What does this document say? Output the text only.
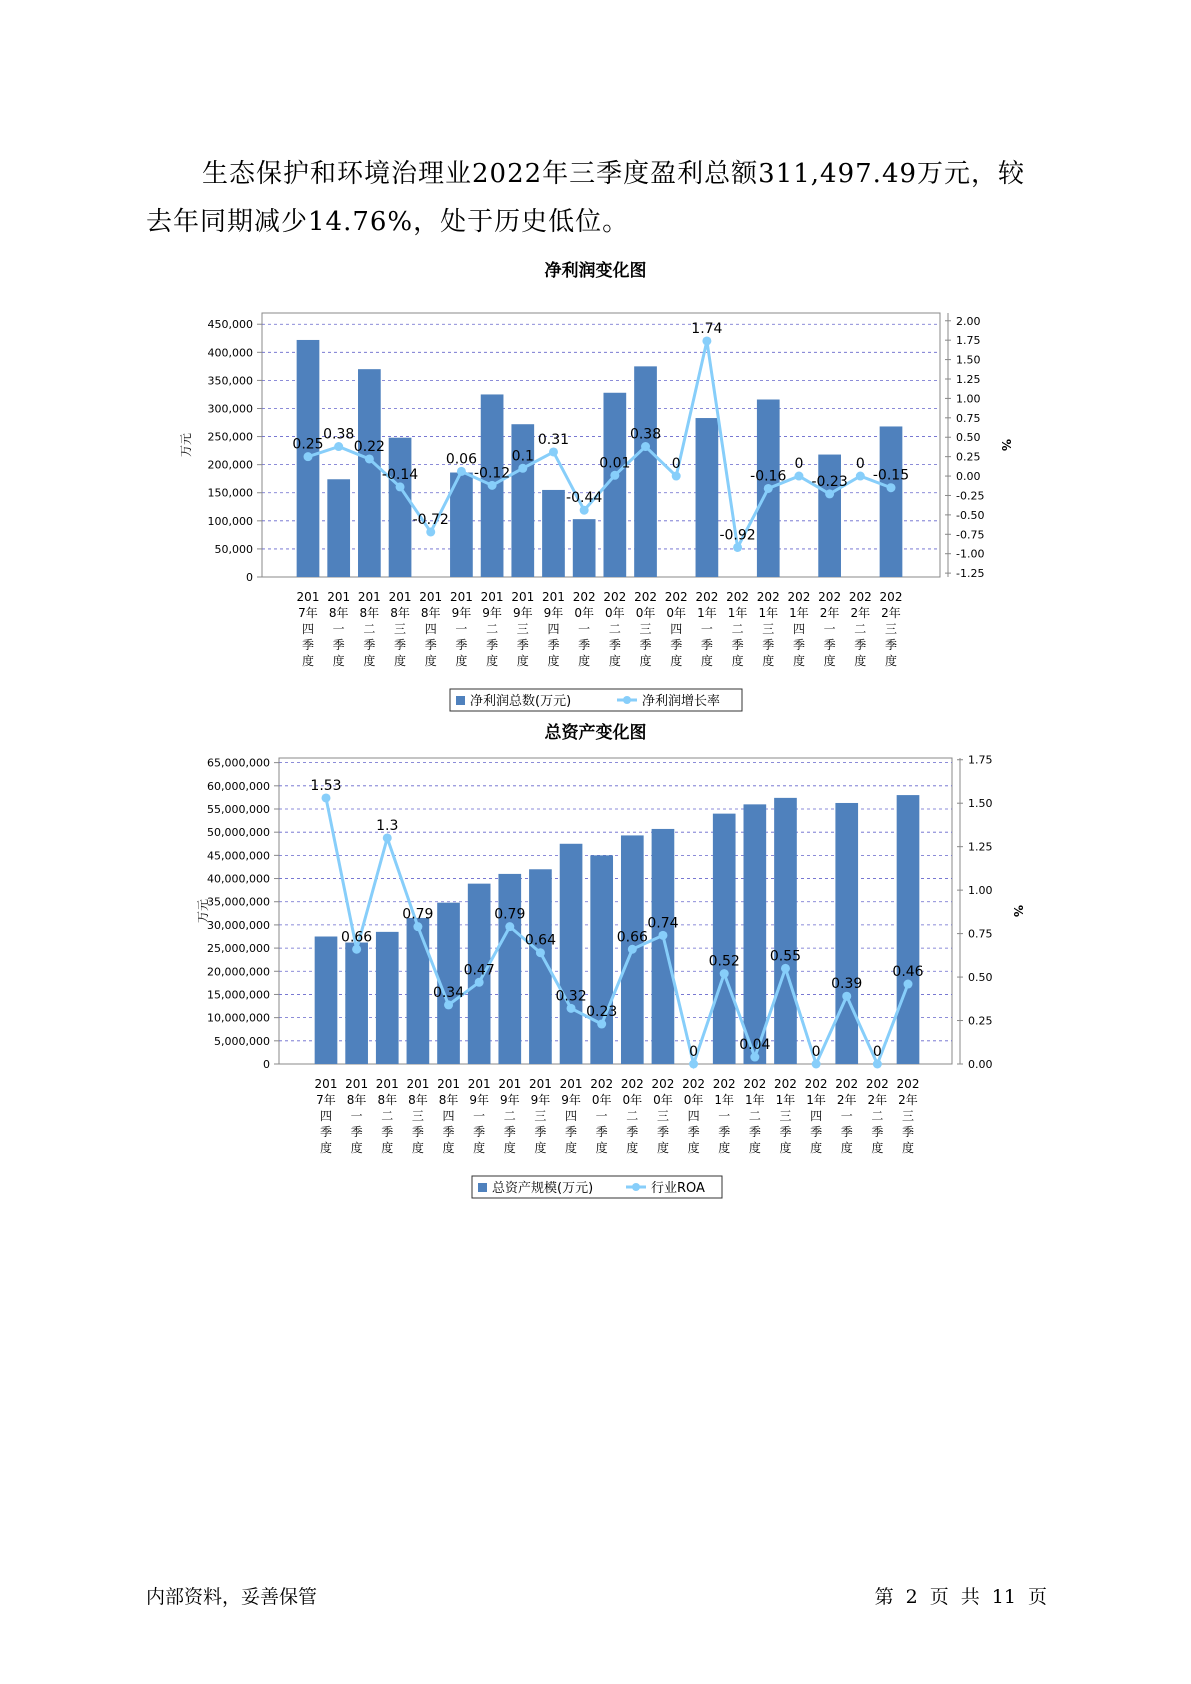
生态保护和环境治理业2022年三季度盈利总额311,497.49万元，较去年同期减少14.76%，处于历史低位。

净利润变化图
450,000
400,000
350,000
300,000
250,000
200,000
150,000
100,000
50,000
0
2.00
1.75
1.50
1.25
1.00
0.75
0.50
0.25
0.00
-0.25
-0.50
-0.75
-1.00
-1.25
万元	%
0.25
0.38
0.22
-0.14
-0.72
0.06
-0.12
0.1
0.31
-0.44
0.01
0.38
0
1.74
-0.92
-0.16
0
-0.23
0
-0.15
201
7年
四
季
度
201
8年
一
季
度
201
8年
二
季
度
201
8年
三
季
度
201
8年
四
季
度
201
9年
一
季
度
201
9年
二
季
度
201
9年
三
季
度
201
9年
四
季
度
202
0年
一
季
度
202
0年
二
季
度
202
0年
三
季
度
202
0年
四
季
度
202
1年
一
季
度
202
1年
二
季
度
202
1年
三
季
度
202
1年
四
季
度
202
2年
一
季
度
202
2年
二
季
度
202
2年
三
季
度
净利润总数(万元)	净利润增长率
总资产变化图
65,000,000
60,000,000
55,000,000
50,000,000
45,000,000
40,000,000
35,000,000
30,000,000
25,000,000
20,000,000
15,000,000
10,000,000
5,000,000
0
1.75
1.50
1.25
1.00
0.75
0.50
0.25
0.00
万元	%
1.53
0.66
1.3
0.79
0.34
0.47
0.79
0.64
0.32
0.23
0.66
0.74
0
0.52
0.04
0.55
0
0.39
0
0.46
201
7年
四
季
度
201
8年
一
季
度
201
8年
二
季
度
201
8年
三
季
度
201
8年
四
季
度
201
9年
一
季
度
201
9年
二
季
度
201
9年
三
季
度
201
9年
四
季
度
202
0年
一
季
度
202
0年
二
季
度
202
0年
三
季
度
202
0年
四
季
度
202
1年
一
季
度
202
1年
二
季
度
202
1年
三
季
度
202
1年
四
季
度
202
2年
一
季
度
202
2年
二
季
度
202
2年
三
季
度
总资产规模(万元)	行业ROA
内部资料，妥善保管	第 2 页 共 11 页
